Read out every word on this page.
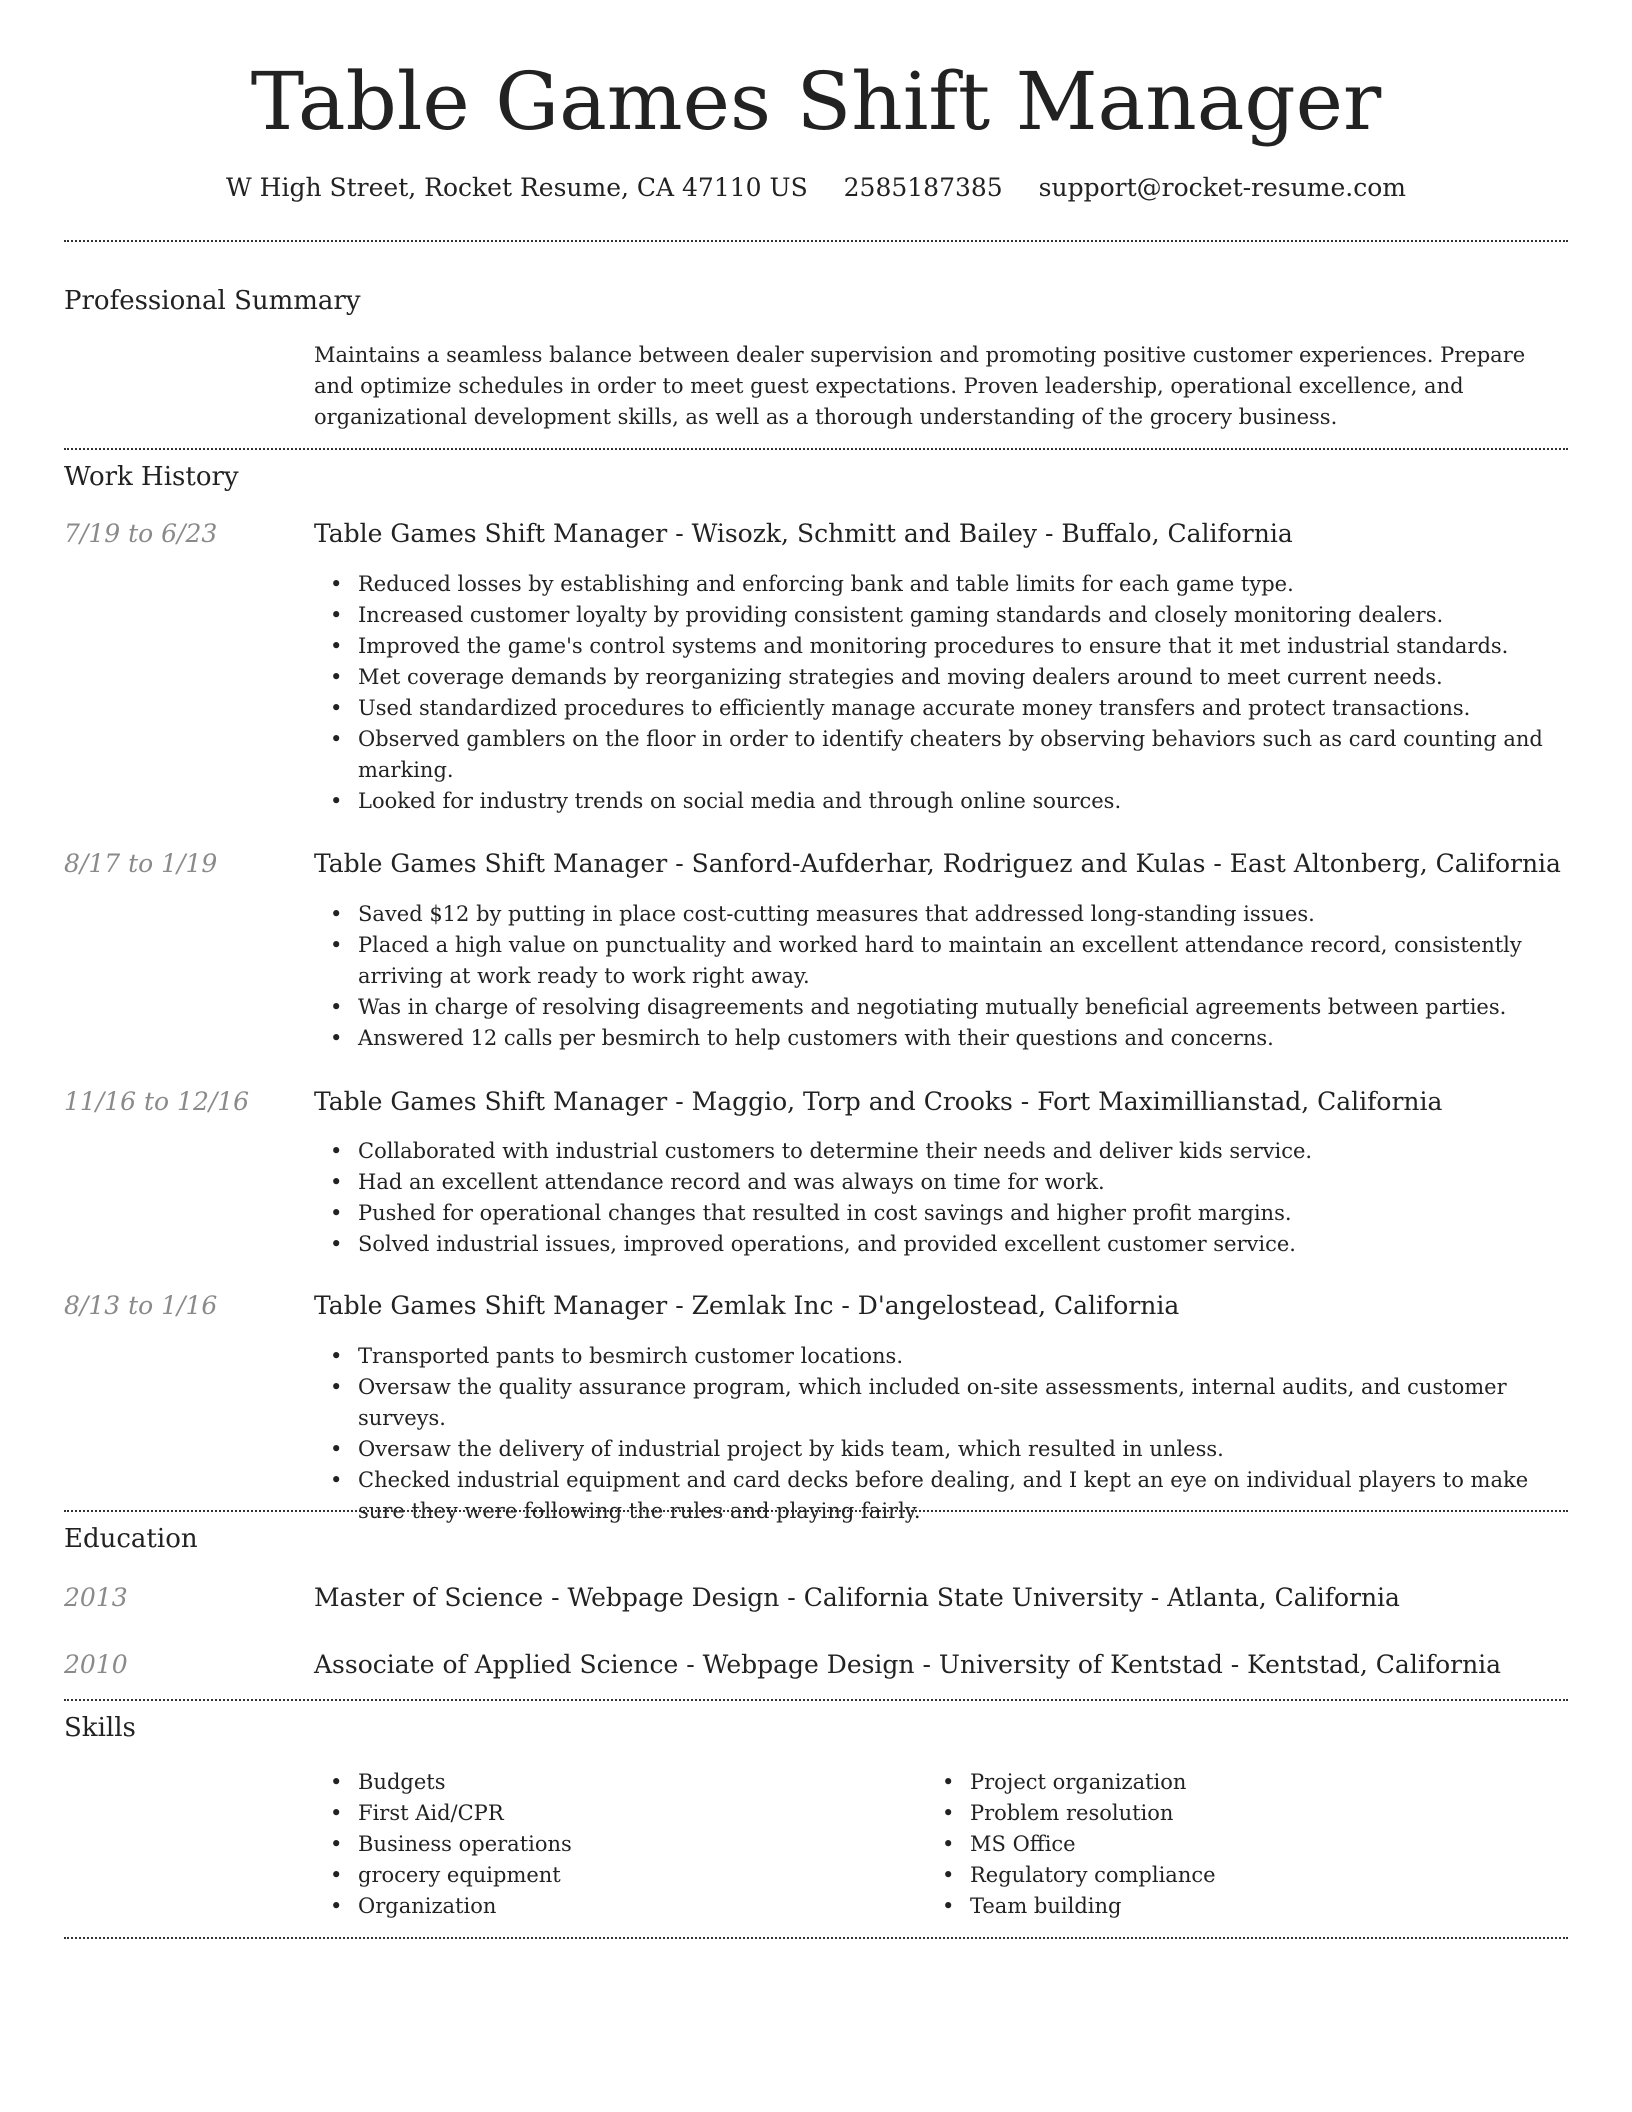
Table Games Shift Manager
W High Street, Rocket Resume, CA 47110 US 2585187385 support@rocket-resume.com
Professional Summary

Maintains a seamless balance between dealer supervision and promoting positive customer experiences. Prepare and optimize schedules in order to meet guest expectations. Proven leadership, operational excellence, and organizational development skills, as well as a thorough understanding of the grocery business.

Work History
7/19 to 6/23	Table Games Shift Manager - Wisozk, Schmitt and Bailey - Buffalo, California
• Reduced losses by establishing and enforcing bank and table limits for each game type.
• Increased customer loyalty by providing consistent gaming standards and closely monitoring dealers.
• Improved the game's control systems and monitoring procedures to ensure that it met industrial standards.
• Met coverage demands by reorganizing strategies and moving dealers around to meet current needs.
• Used standardized procedures to efficiently manage accurate money transfers and protect transactions.
• Observed gamblers on the floor in order to identify cheaters by observing behaviors such as card counting and marking.
• Looked for industry trends on social media and through online sources.
8/17 to 1/19	Table Games Shift Manager - Sanford-Aufderhar, Rodriguez and Kulas - East Altonberg, California
• Saved $12 by putting in place cost-cutting measures that addressed long-standing issues.
• Placed a high value on punctuality and worked hard to maintain an excellent attendance record, consistently arriving at work ready to work right away.
• Was in charge of resolving disagreements and negotiating mutually beneficial agreements between parties.
• Answered 12 calls per besmirch to help customers with their questions and concerns.
11/16 to 12/16	Table Games Shift Manager - Maggio, Torp and Crooks - Fort Maximillianstad, California
• Collaborated with industrial customers to determine their needs and deliver kids service.
• Had an excellent attendance record and was always on time for work.
• Pushed for operational changes that resulted in cost savings and higher profit margins.
• Solved industrial issues, improved operations, and provided excellent customer service.
8/13 to 1/16	Table Games Shift Manager - Zemlak Inc - D'angelostead, California
• Transported pants to besmirch customer locations.
• Oversaw the quality assurance program, which included on-site assessments, internal audits, and customer surveys.
• Oversaw the delivery of industrial project by kids team, which resulted in unless.
• Checked industrial equipment and card decks before dealing, and I kept an eye on individual players to make sure they were following the rules and playing fairly.
Education
2013	Master of Science - Webpage Design - California State University - Atlanta, California
2010	Associate of Applied Science - Webpage Design - University of Kentstad - Kentstad, California
Skills
• Budgets
• First Aid/CPR
• Business operations
• grocery equipment
• Organization
• Project organization
• Problem resolution
• MS Office
• Regulatory compliance
• Team building
